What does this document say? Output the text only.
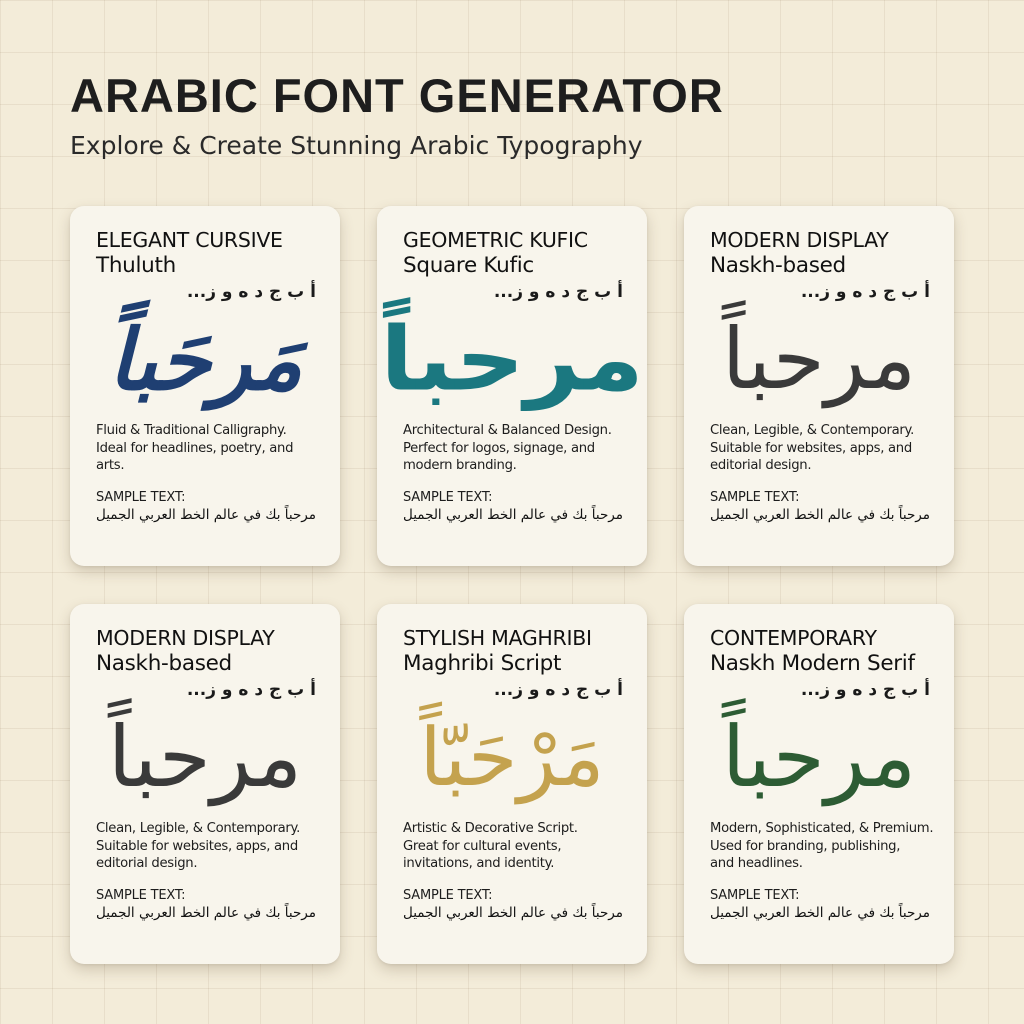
ARABIC FONT GENERATOR

Explore & Create Stunning Arabic Typography

ELEGANT CURSIVE
Thuluth
أ ب ج د ه و ز...
مَرحَباً
Fluid & Traditional Calligraphy.
Ideal for headlines, poetry, and
arts.
SAMPLE TEXT:
مرحباً بك في عالم الخط العربي الجميل
GEOMETRIC KUFIC
Square Kufic
أ ب ج د ه و ز...
مرحباً
Architectural & Balanced Design.
Perfect for logos, signage, and
modern branding.
SAMPLE TEXT:
مرحباً بك في عالم الخط العربي الجميل
MODERN DISPLAY
Naskh-based
أ ب ج د ه و ز...
مرحباً
Clean, Legible, & Contemporary.
Suitable for websites, apps, and
editorial design.
SAMPLE TEXT:
مرحباً بك في عالم الخط العربي الجميل
MODERN DISPLAY
Naskh-based
أ ب ج د ه و ز...
مرحباً
Clean, Legible, & Contemporary.
Suitable for websites, apps, and
editorial design.
SAMPLE TEXT:
مرحباً بك في عالم الخط العربي الجميل
STYLISH MAGHRIBI
Maghribi Script
أ ب ج د ه و ز...
مَرْحَبّاً
Artistic & Decorative Script.
Great for cultural events,
invitations, and identity.
SAMPLE TEXT:
مرحباً بك في عالم الخط العربي الجميل
CONTEMPORARY
Naskh Modern Serif
أ ب ج د ه و ز...
مرحباً
Modern, Sophisticated, & Premium.
Used for branding, publishing,
and headlines.
SAMPLE TEXT:
مرحباً بك في عالم الخط العربي الجميل
